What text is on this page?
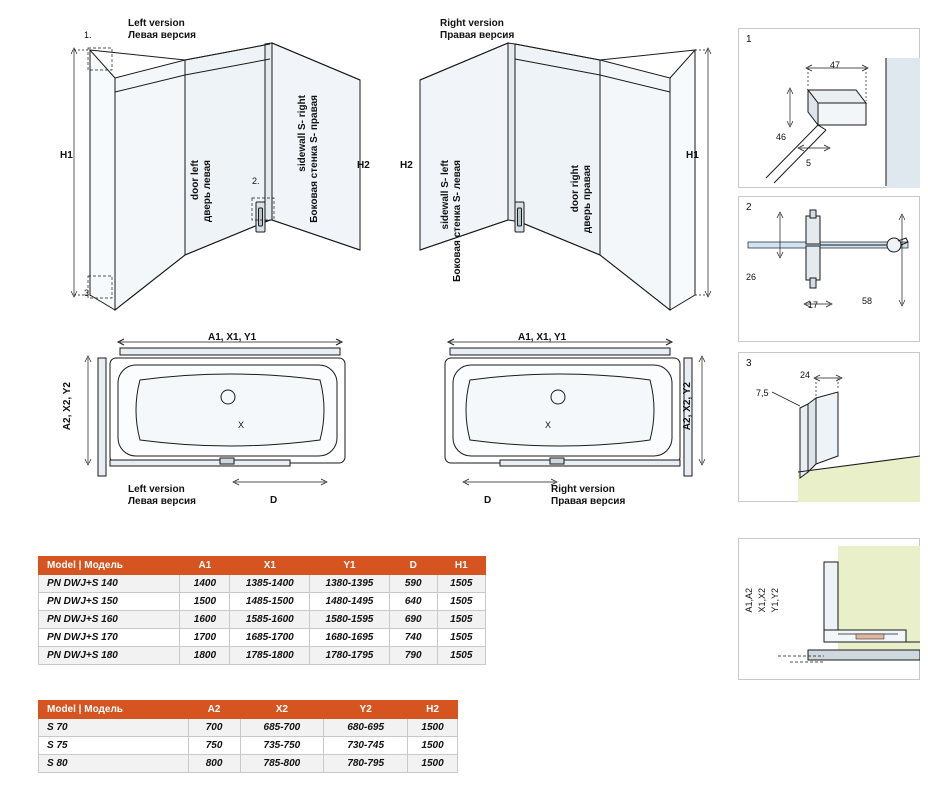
Left version
Левая версия
1.
3.
2.
H1
H2
door left дверь левая
sidewall S- right Боковая стенка S- правая
Right version
Правая версия
H2
H1
sidewall S- left Боковая стенка S- левая	door right дверь правая
A1, X1, Y1
A2, X2, Y2
D
X
Left version
Левая версия
A1, X1, Y1
A2, X2, Y2
D
X
Right version
Правая версия
1
47
46
5
2
26
17	58
3
24
7,5
A1,A2 X1,X2 Y1,Y2
Model | Модель	A1	X1	Y1	D	H1
PN DWJ+S 140	1400	1385-1400	1380-1395	590	1505
PN DWJ+S 150	1500	1485-1500	1480-1495	640	1505
PN DWJ+S 160	1600	1585-1600	1580-1595	690	1505
PN DWJ+S 170	1700	1685-1700	1680-1695	740	1505
PN DWJ+S 180	1800	1785-1800	1780-1795	790	1505
Model | Модель	A2	X2	Y2	H2
S 70	700	685-700	680-695	1500
S 75	750	735-750	730-745	1500
S 80	800	785-800	780-795	1500
